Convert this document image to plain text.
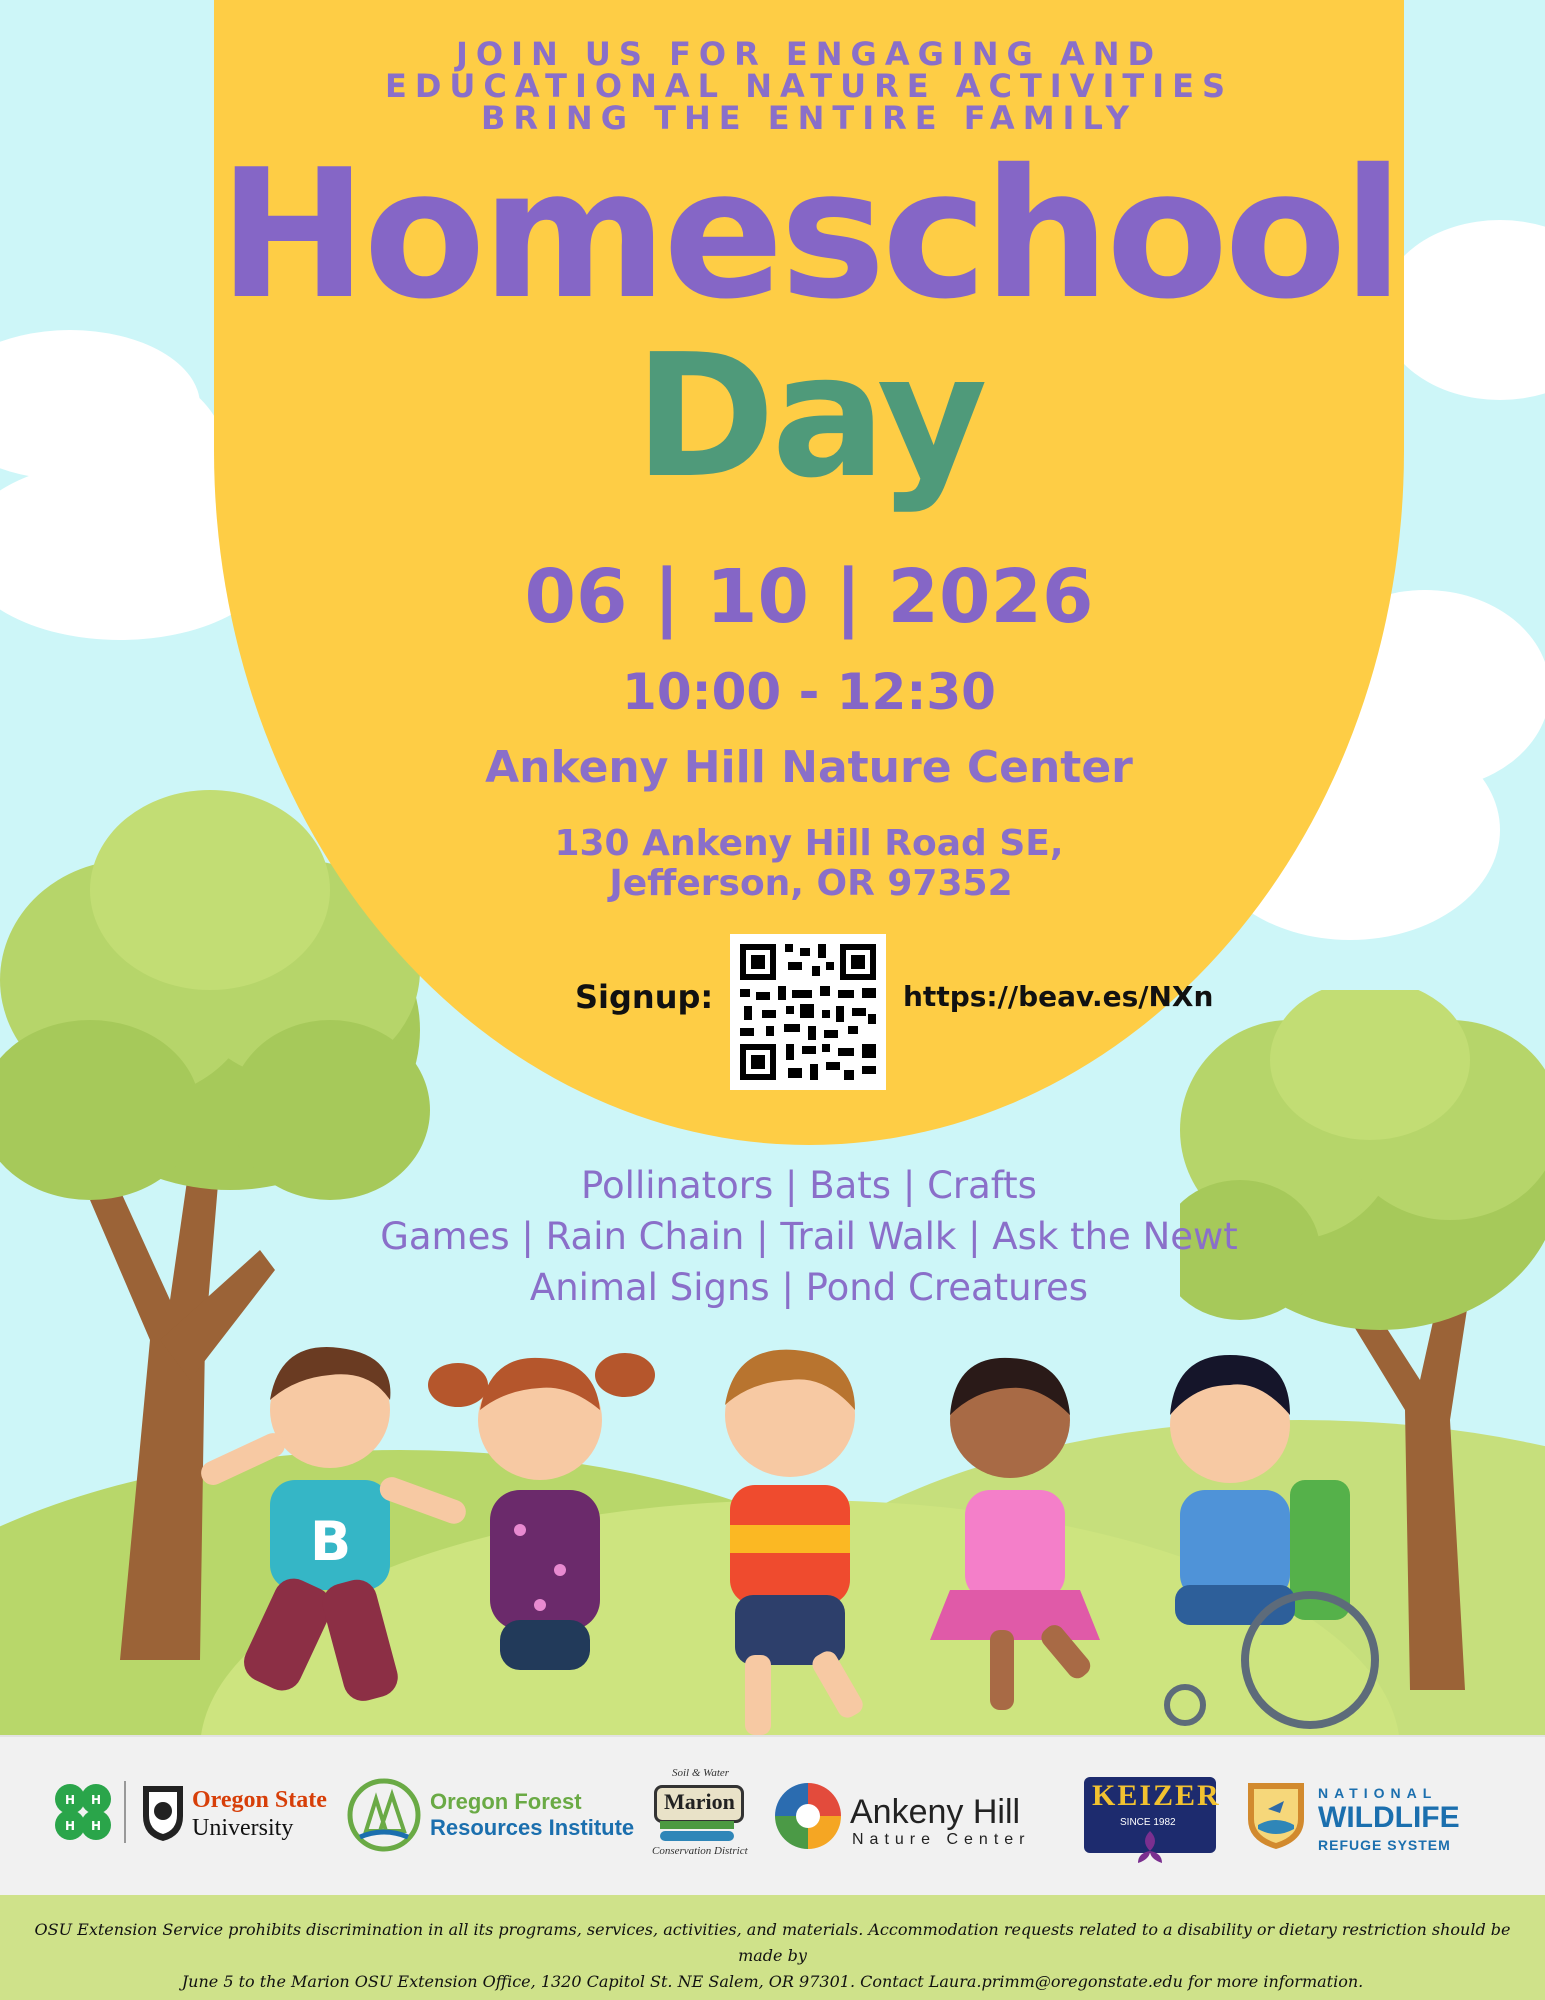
B
JOIN US FOR ENGAGING AND
EDUCATIONAL NATURE ACTIVITIES
BRING THE ENTIRE FAMILY
Homeschool
Day
06 | 10 | 2026
10:00 - 12:30
Ankeny Hill Nature Center
130 Ankeny Hill Road SE,
Jefferson, OR 97352
Signup:	https://beav.es/NXn
Pollinators | Bats | Crafts
Games | Rain Chain | Trail Walk | Ask the Newt
Animal Signs | Pond Creatures
H H
H H
Oregon State
University
Oregon Forest
Resources Institute
Soil & Water
Marion
Conservation District
Ankeny Hill
Nature Center
KEIZER
SINCE 1982
NATIONAL
WILDLIFE
REFUGE SYSTEM
OSU Extension Service prohibits discrimination in all its programs, services, activities, and materials. Accommodation requests related to a disability or dietary restriction should be made by
June 5 to the Marion OSU Extension Office, 1320 Capitol St. NE Salem, OR 97301. Contact Laura.primm@oregonstate.edu for more information.
